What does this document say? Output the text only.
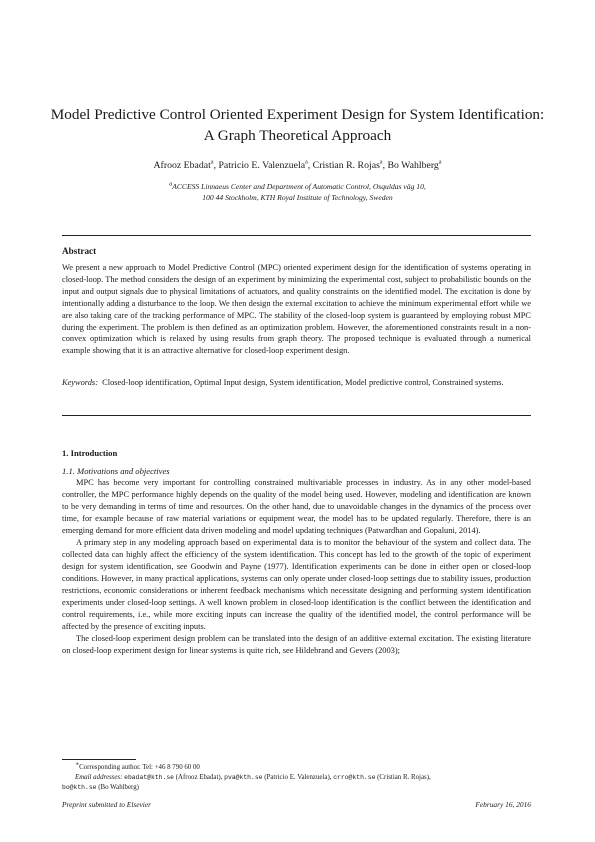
Model Predictive Control Oriented Experiment Design for System Identification:
A Graph Theoretical Approach
Afrooz Ebadat$^a$, Patricio E. Valenzuela$^a$, Cristian R. Rojas$^a$, Bo Wahlberg$^a$
$^a$ACCESS Linnaeus Center and Department of Automatic Control, Osquldas väg 10,
100 44 Stockholm, KTH Royal Institute of Technology, Sweden
Abstract
We present a new approach to Model Predictive Control (MPC) oriented experiment design for the identification of systems operating in closed-loop. The method considers the design of an experiment by minimizing the experimental cost, subject to probabilistic bounds on the input and output signals due to physical limitations of actuators, and quality constraints on the identified model. The excitation is done by intentionally adding a disturbance to the loop. We then design the external excitation to achieve the minimum experimental effort while we are also taking care of the tracking performance of MPC. The stability of the closed-loop system is guaranteed by employing robust MPC during the experiment. The problem is then defined as an optimization problem. However, the aforementioned constraints result in a non-convex optimization which is relaxed by using results from graph theory. The proposed technique is evaluated through a numerical example showing that it is an attractive alternative for closed-loop experiment design.
Keywords: Closed-loop identification, Optimal Input design, System identification, Model predictive control, Constrained systems.
1. Introduction
1.1. Motivations and objectives

MPC has become very important for controlling constrained multivariable processes in industry. As in any other model-based controller, the MPC performance highly depends on the quality of the model being used. However, modeling and identification are known to be very demanding in terms of time and resources. On the other hand, due to unavoidable changes in the dynamics of the process over time, for example because of raw material variations or equipment wear, the model has to be updated regularly. Therefore, there is an emerging demand for more efficient data driven modeling and model updating techniques (Patwardhan and Gopaluni, 2014).

A primary step in any modeling approach based on experimental data is to monitor the behaviour of the system and collect data. The collected data can highly affect the efficiency of the system identification. This concept has led to the growth of the topic of experiment design for system identification, see Goodwin and Payne (1977). Identification experiments can be done in either open or closed-loop conditions. However, in many practical applications, systems can only operate under closed-loop settings due to stability issues, production restrictions, economic considerations or inherent feedback mechanisms which necessitate designing and performing system identification experiments under closed-loop settings. A well known problem in closed-loop identification is the conflict between the identification and control requirements, i.e., while more exciting inputs can increase the quality of the identified model, the control performance will be affected by the presence of exciting inputs.

The closed-loop experiment design problem can be translated into the design of an additive external excitation. The existing literature on closed-loop experiment design for linear systems is quite rich, see Hildebrand and Gevers (2003);

∗Corresponding author. Tel: +46 8 790 60 00
Email addresses: ebadat@kth.se (Afrooz Ebadat), pva@kth.se (Patricio E. Valenzuela), crro@kth.se (Cristian R. Rojas),
bo@kth.se (Bo Wahlberg)
Preprint submitted to Elsevier	February 16, 2016
